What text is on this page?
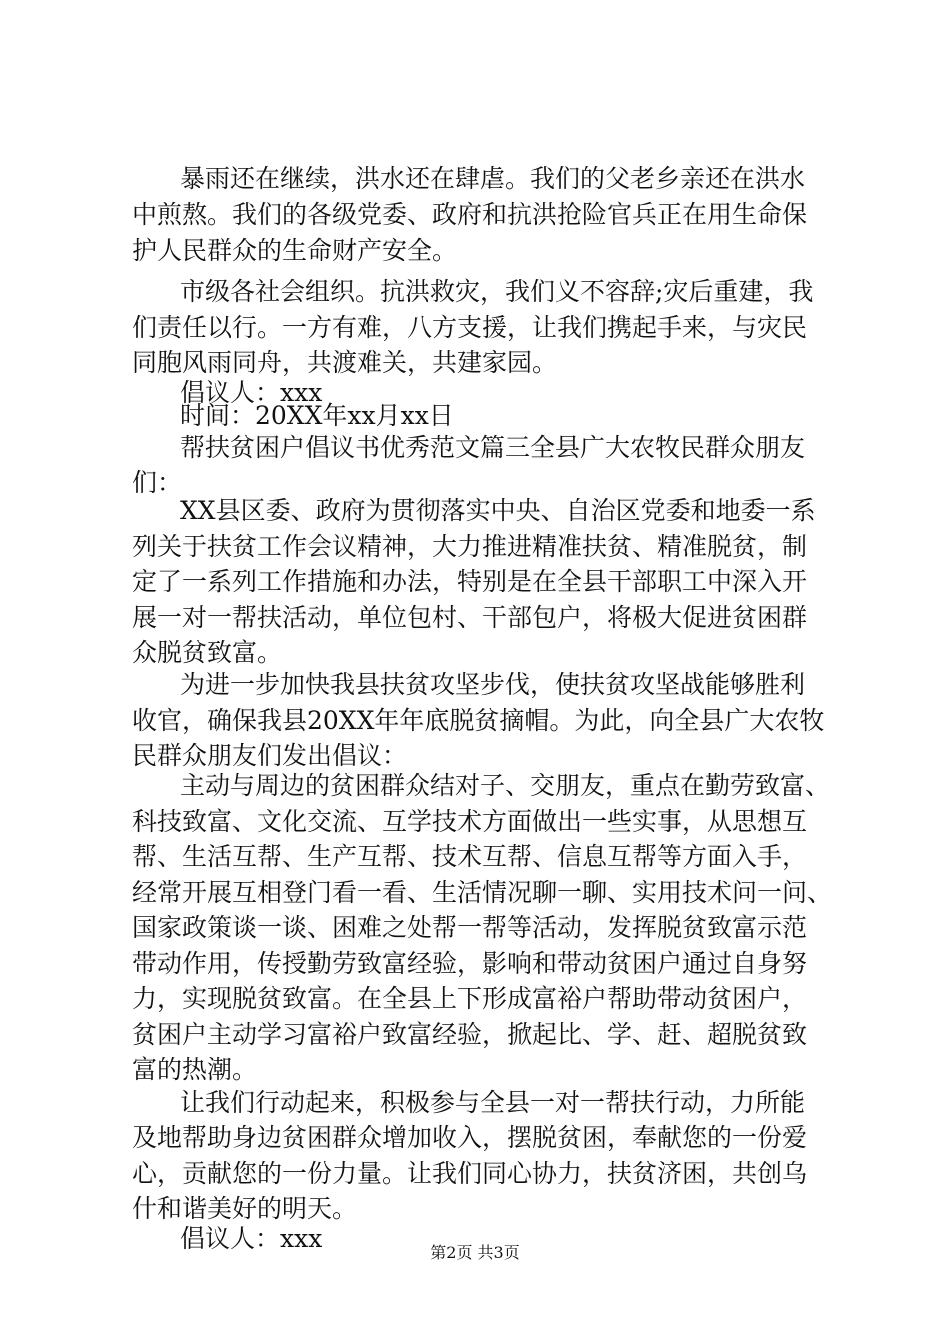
暴雨还在继续，洪水还在肆虐。我们的父老乡亲还在洪水
中煎熬。我们的各级党委、政府和抗洪抢险官兵正在用生命保
护人民群众的生命财产安全。
市级各社会组织。抗洪救灾，我们义不容辞;灾后重建，我
们责任以行。一方有难，八方支援，让我们携起手来，与灾民
同胞风雨同舟，共渡难关，共建家园。
倡议人：xxx
时间：20XX年xx月xx日
帮扶贫困户倡议书优秀范文篇三全县广大农牧民群众朋友
们：
XX县区委、政府为贯彻落实中央、自治区党委和地委一系
列关于扶贫工作会议精神，大力推进精准扶贫、精准脱贫，制
定了一系列工作措施和办法，特别是在全县干部职工中深入开
展一对一帮扶活动，单位包村、干部包户，将极大促进贫困群
众脱贫致富。
为进一步加快我县扶贫攻坚步伐，使扶贫攻坚战能够胜利
收官，确保我县20XX年年底脱贫摘帽。为此，向全县广大农牧
民群众朋友们发出倡议：
主动与周边的贫困群众结对子、交朋友，重点在勤劳致富、
科技致富、文化交流、互学技术方面做出一些实事，从思想互
帮、生活互帮、生产互帮、技术互帮、信息互帮等方面入手，
经常开展互相登门看一看、生活情况聊一聊、实用技术问一问、
国家政策谈一谈、困难之处帮一帮等活动，发挥脱贫致富示范
带动作用，传授勤劳致富经验，影响和带动贫困户通过自身努
力，实现脱贫致富。在全县上下形成富裕户帮助带动贫困户，
贫困户主动学习富裕户致富经验，掀起比、学、赶、超脱贫致
富的热潮。
让我们行动起来，积极参与全县一对一帮扶行动，力所能
及地帮助身边贫困群众增加收入，摆脱贫困，奉献您的一份爱
心，贡献您的一份力量。让我们同心协力，扶贫济困，共创乌
什和谐美好的明天。
倡议人：xxx	第2页 共3页
